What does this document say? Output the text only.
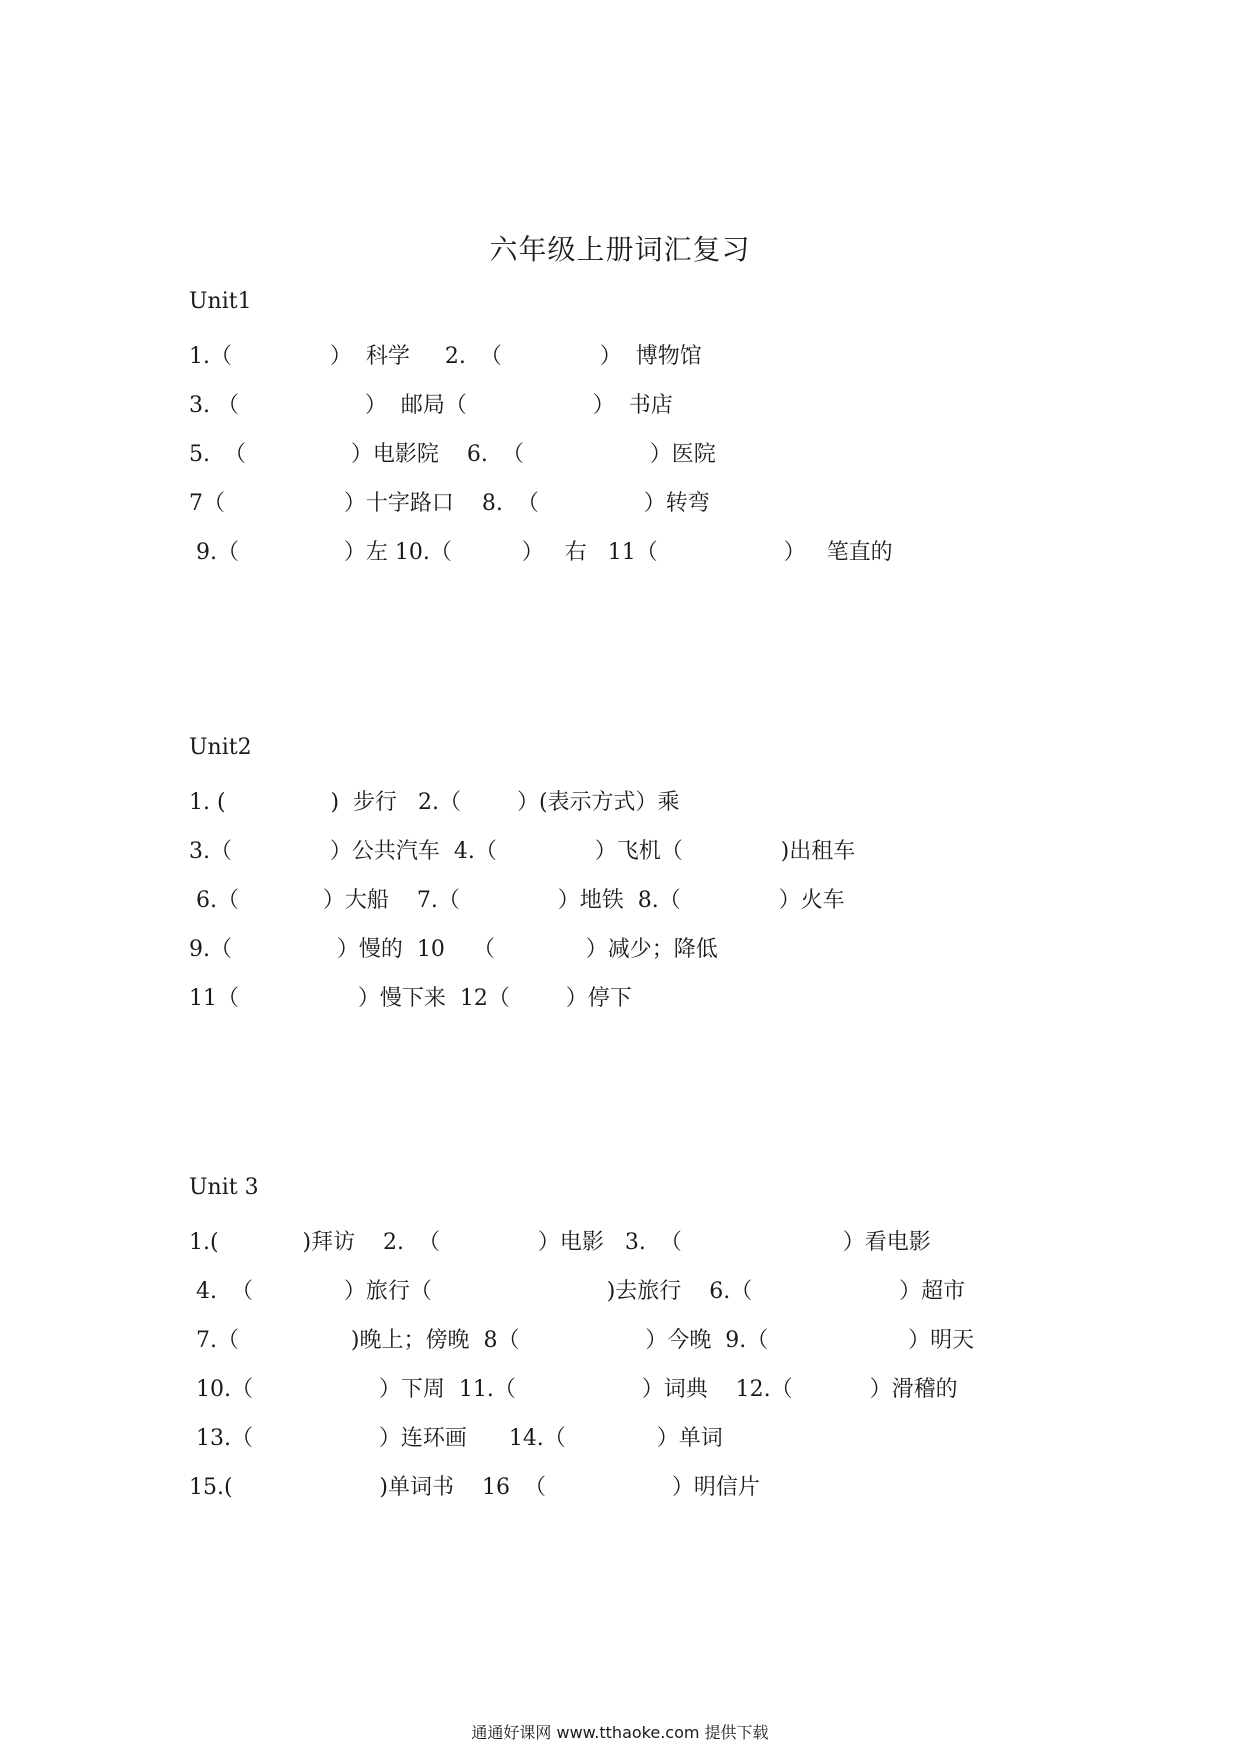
六年级上册词汇复习
Unit1
1.（              ）  科学     2.  （              ）  博物馆
3. （                  ）  邮局（                  ）  书店
5.  （               ）电影院    6.  （                  ）医院
7（                 ）十字路口    8.  （               ）转弯
9.（               ）左 10.（          ）   右   11（                  ）   笔直的
Unit2
1. (               )  步行   2.（        ）(表示方式）乘
3.（              ）公共汽车  4.（              ）飞机（              )出租车
6.（            ）大船    7.（              ）地铁  8.（              ）火车
9.（               ）慢的  10    （             ）减少；降低
11（                 ）慢下来  12（        ）停下
Unit 3
1.(            )拜访    2.  （              ）电影   3.  （                       ）看电影
4.  （             ）旅行（                         )去旅行    6.（                     ）超市
7.（                )晚上；傍晚  8（                  ）今晚  9.（                    ）明天
10.（                  ）下周  11.（                  ）词典    12.（           ）滑稽的
13.（                  ）连环画      14.（             ）单词
15.(                     )单词书    16  （                  ）明信片
通通好课网 www.tthaoke.com 提供下载
